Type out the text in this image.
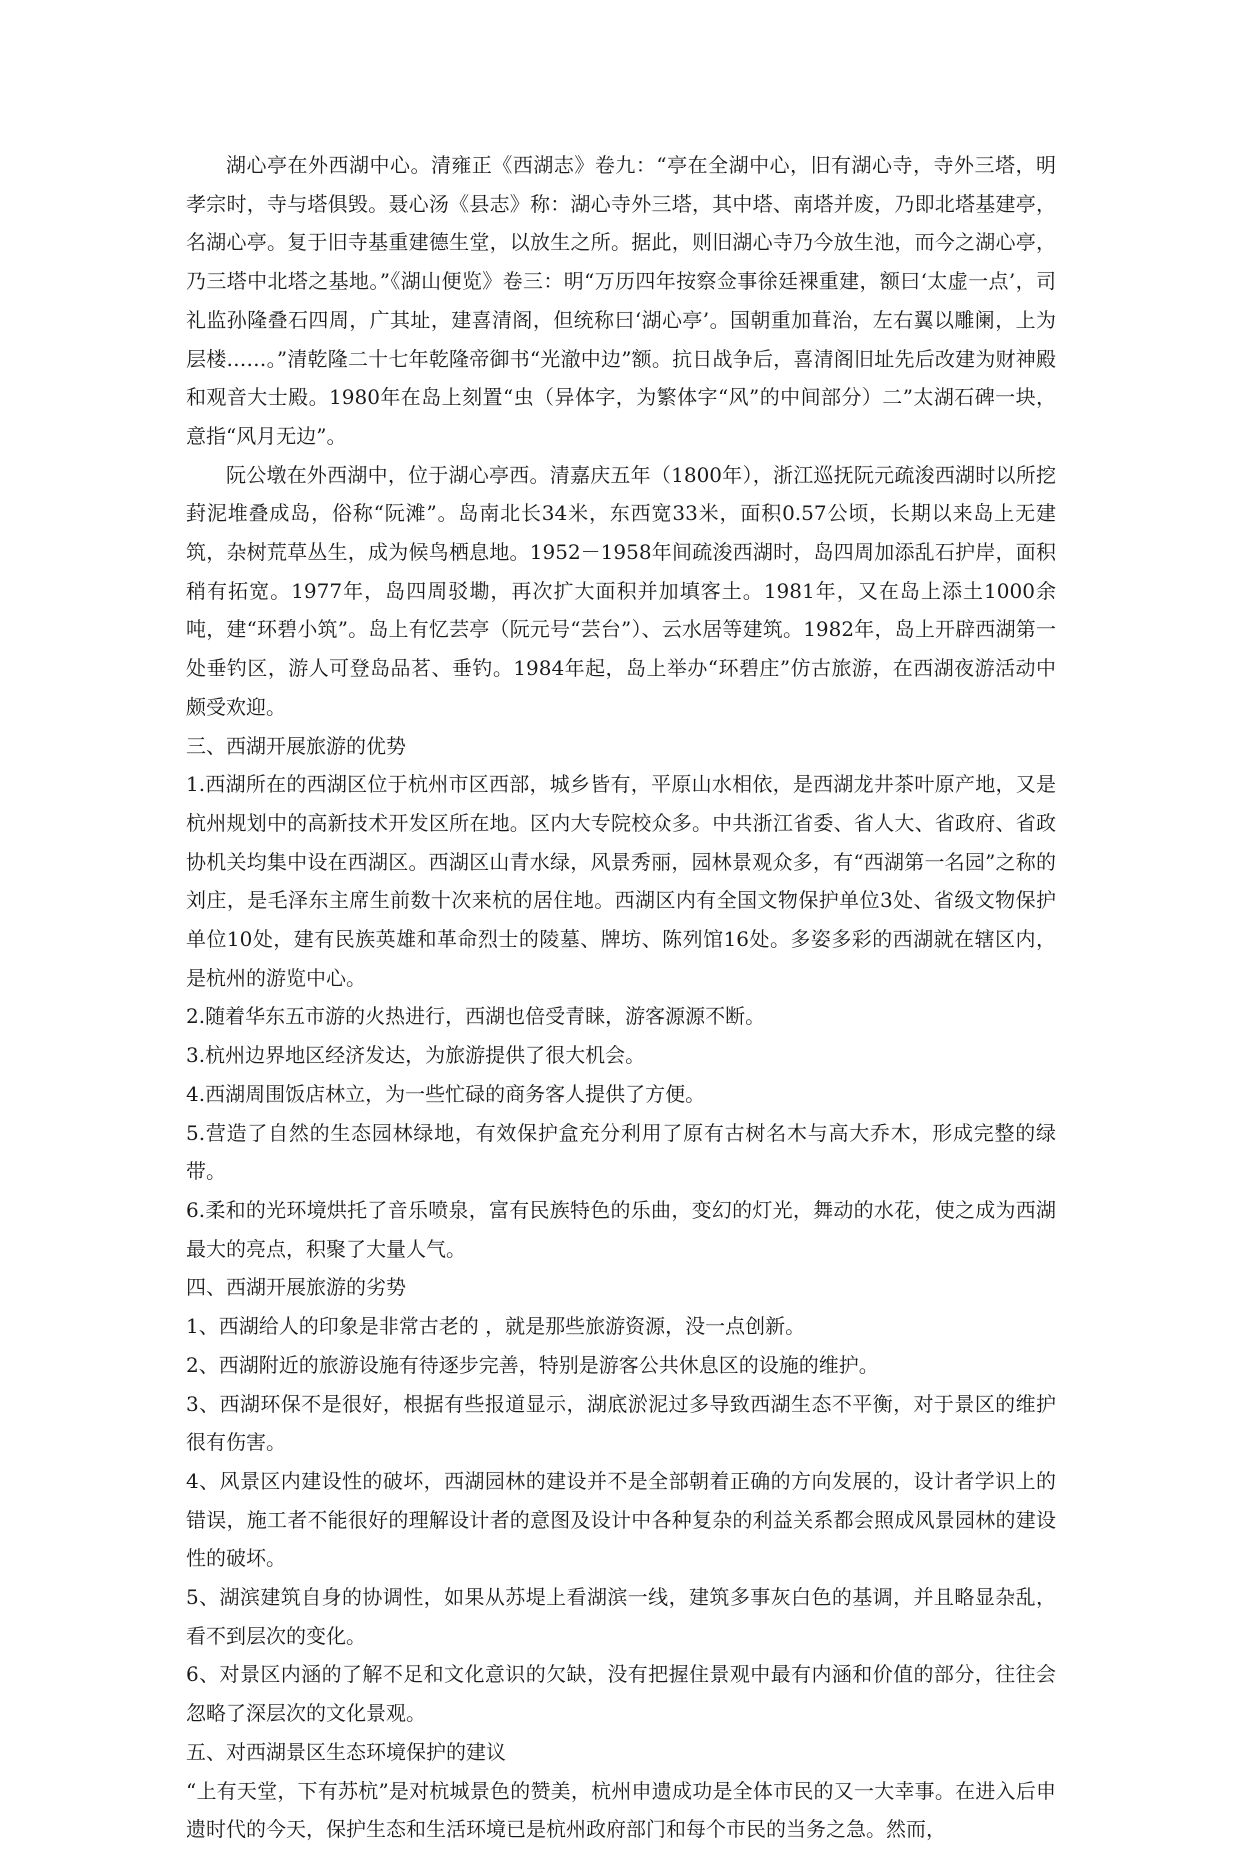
湖心亭在外西湖中心。清雍正《西湖志》卷九：“亭在全湖中心，旧有湖心寺，寺外三塔，明孝宗时，寺与塔俱毁。聂心汤《县志》称：湖心寺外三塔，其中塔、南塔并废，乃即北塔基建亭，名湖心亭。复于旧寺基重建德生堂，以放生之所。据此，则旧湖心寺乃今放生池，而今之湖心亭，乃三塔中北塔之基地。”《湖山便览》卷三：明“万历四年按察佥事徐廷裸重建，额曰‘太虚一点’，司礼监孙隆叠石四周，广其址，建喜清阁，但统称曰‘湖心亭’。国朝重加葺治，左右翼以雕阑，上为层楼……。”清乾隆二十七年乾隆帝御书“光澈中边”额。抗日战争后，喜清阁旧址先后改建为财神殿和观音大士殿。1980年在岛上刻置“虫（异体字，为繁体字“风”的中间部分）二”太湖石碑一块，意指“风月无边”。

阮公墩在外西湖中，位于湖心亭西。清嘉庆五年（1800年），浙江巡抚阮元疏浚西湖时以所挖葑泥堆叠成岛，俗称“阮滩”。岛南北长34米，东西宽33米，面积0.57公顷，长期以来岛上无建筑，杂树荒草丛生，成为候鸟栖息地。1952－1958年间疏浚西湖时，岛四周加添乱石护岸，面积稍有拓宽。1977年，岛四周驳墈，再次扩大面积并加填客土。1981年，又在岛上添土1000余吨，建“环碧小筑”。岛上有忆芸亭（阮元号“芸台”）、云水居等建筑。1982年，岛上开辟西湖第一处垂钓区，游人可登岛品茗、垂钓。1984年起，岛上举办“环碧庄”仿古旅游，在西湖夜游活动中颇受欢迎。

三、西湖开展旅游的优势

1.西湖所在的西湖区位于杭州市区西部，城乡皆有，平原山水相依，是西湖龙井茶叶原产地，又是杭州规划中的高新技术开发区所在地。区内大专院校众多。中共浙江省委、省人大、省政府、省政协机关均集中设在西湖区。西湖区山青水绿，风景秀丽，园林景观众多，有“西湖第一名园”之称的刘庄，是毛泽东主席生前数十次来杭的居住地。西湖区内有全国文物保护单位3处、省级文物保护单位10处，建有民族英雄和革命烈士的陵墓、牌坊、陈列馆16处。多姿多彩的西湖就在辖区内，是杭州的游览中心。

2.随着华东五市游的火热进行，西湖也倍受青睐，游客源源不断。

3.杭州边界地区经济发达，为旅游提供了很大机会。

4.西湖周围饭店林立，为一些忙碌的商务客人提供了方便。

5.营造了自然的生态园林绿地，有效保护盒充分利用了原有古树名木与高大乔木，形成完整的绿带。

6.柔和的光环境烘托了音乐喷泉，富有民族特色的乐曲，变幻的灯光，舞动的水花，使之成为西湖最大的亮点，积聚了大量人气。

四、西湖开展旅游的劣势

1、西湖给人的印象是非常古老的 ，就是那些旅游资源，没一点创新。

2、西湖附近的旅游设施有待逐步完善，特别是游客公共休息区的设施的维护。

3、西湖环保不是很好，根据有些报道显示，湖底淤泥过多导致西湖生态不平衡，对于景区的维护很有伤害。

4、风景区内建设性的破坏，西湖园林的建设并不是全部朝着正确的方向发展的，设计者学识上的错误，施工者不能很好的理解设计者的意图及设计中各种复杂的利益关系都会照成风景园林的建设性的破坏。

5、湖滨建筑自身的协调性，如果从苏堤上看湖滨一线，建筑多事灰白色的基调，并且略显杂乱，看不到层次的变化。

6、对景区内涵的了解不足和文化意识的欠缺，没有把握住景观中最有内涵和价值的部分，往往会忽略了深层次的文化景观。

五、对西湖景区生态环境保护的建议

“上有天堂，下有苏杭”是对杭城景色的赞美，杭州申遗成功是全体市民的又一大幸事。在进入后申遗时代的今天，保护生态和生活环境已是杭州政府部门和每个市民的当务之急。然而，
